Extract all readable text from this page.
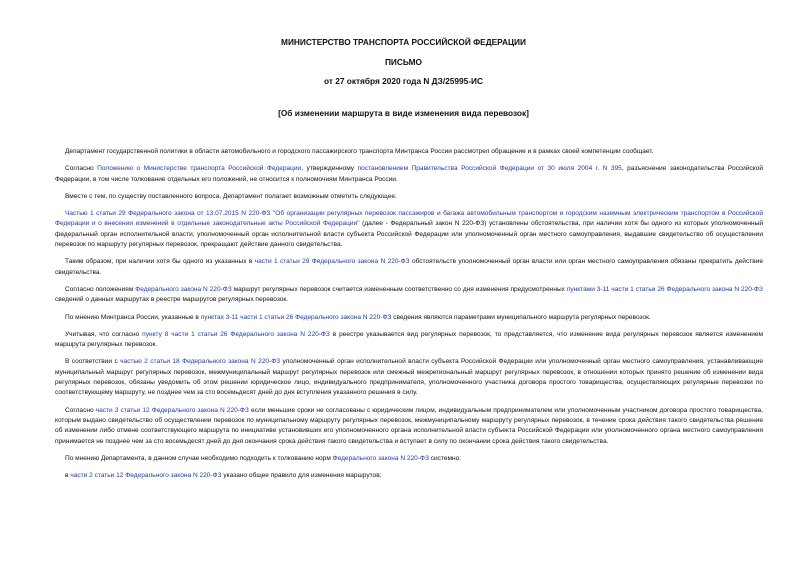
МИНИСТЕРСТВО ТРАНСПОРТА РОССИЙСКОЙ ФЕДЕРАЦИИ
ПИСЬМО
от 27 октября 2020 года N ДЗ/25995-ИС
[Об изменении маршрута в виде изменения вида перевозок]

Департамент государственной политики в области автомобильного и городского пассажирского транспорта Минтранса России рассмотрел обращение и в рамках своей компетенции сообщает.

Согласно Положению о Министерстве транспорта Российской Федерации, утвержденному постановлением Правительства Российской Федерации от 30 июля 2004 г. N 395, разъяснение законодательства Российской Федерации, в том числе толкование отдельных его положений, не относится к полномочиям Минтранса России.

Вместе с тем, по существу поставленного вопроса, Департамент полагает возможным отметить следующее.

Частью 1 статьи 29 Федерального закона от 13.07.2015 N 220-ФЗ "Об организации регулярных перевозок пассажиров и багажа автомобильным транспортом и городским наземным электрическим транспортом в Российской Федерации и о внесении изменений в отдельные законодательные акты Российской Федерации" (далее - Федеральный закон N 220-ФЗ) установлены обстоятельства, при наличии хотя бы одного из которых уполномоченный федеральный орган исполнительной власти, уполномоченный орган исполнительной власти субъекта Российской Федерации или уполномоченный орган местного самоуправления, выдавшие свидетельство об осуществлении перевозок по маршруту регулярных перевозок, прекращают действие данного свидетельства.

Таким образом, при наличии хотя бы одного из указанных в части 1 статьи 29 Федерального закона N 220-ФЗ обстоятельств уполномоченный орган власти или орган местного самоуправления обязаны прекратить действие свидетельства.

Согласно положениям Федерального закона N 220-ФЗ маршрут регулярных перевозок считается измененным соответственно со дня изменения предусмотренных пунктами 3-11 части 1 статьи 26 Федерального закона N 220-ФЗ сведений о данных маршрутах в реестре маршрутов регулярных перевозок.

По мнению Минтранса России, указанные в пунктах 3-11 части 1 статьи 26 Федерального закона N 220-ФЗ сведения являются параметрами муниципального маршрута регулярных перевозок.

Учитывая, что согласно пункту 8 части 1 статьи 26 Федерального закона N 220-ФЗ в реестре указывается вид регулярных перевозок, то представляется, что изменение вида регулярных перевозок является изменением маршрута регулярных перевозок.

В соответствии с частью 2 статьи 18 Федерального закона N 220-ФЗ уполномоченный орган исполнительной власти субъекта Российской Федерации или уполномоченный орган местного самоуправления, устанавливающие муниципальный маршрут регулярных перевозок, межмуниципальный маршрут регулярных перевозок или смежный межрегиональный маршрут регулярных перевозок, в отношении которых принято решение об изменении вида регулярных перевозок, обязаны уведомить об этом решении юридическое лицо, индивидуального предпринимателя, уполномоченного участника договора простого товарищества, осуществляющих регулярные перевозки по соответствующему маршруту, не позднее чем за сто восемьдесят дней до дня вступления указанного решения в силу.

Согласно части 3 статьи 12 Федерального закона N 220-ФЗ если меньшие сроки не согласованы с юридическим лицом, индивидуальным предпринимателем или уполномоченным участником договора простого товарищества, которым выдано свидетельство об осуществлении перевозок по муниципальному маршруту регулярных перевозок, межмуниципальному маршруту регулярных перевозок, в течение срока действия такого свидетельства решение об изменении либо отмене соответствующего маршрута по инициативе установивших его уполномоченного органа исполнительной власти субъекта Российской Федерации или уполномоченного органа местного самоуправления принимается не позднее чем за сто восемьдесят дней до дня окончания срока действия такого свидетельства и вступает в силу по окончании срока действия такого свидетельства.

По мнению Департамента, в данном случае необходимо подходить к толкованию норм Федерального закона N 220-ФЗ системно:

в части 2 статьи 12 Федерального закона N 220-ФЗ указано общее правило для изменения маршрутов;
